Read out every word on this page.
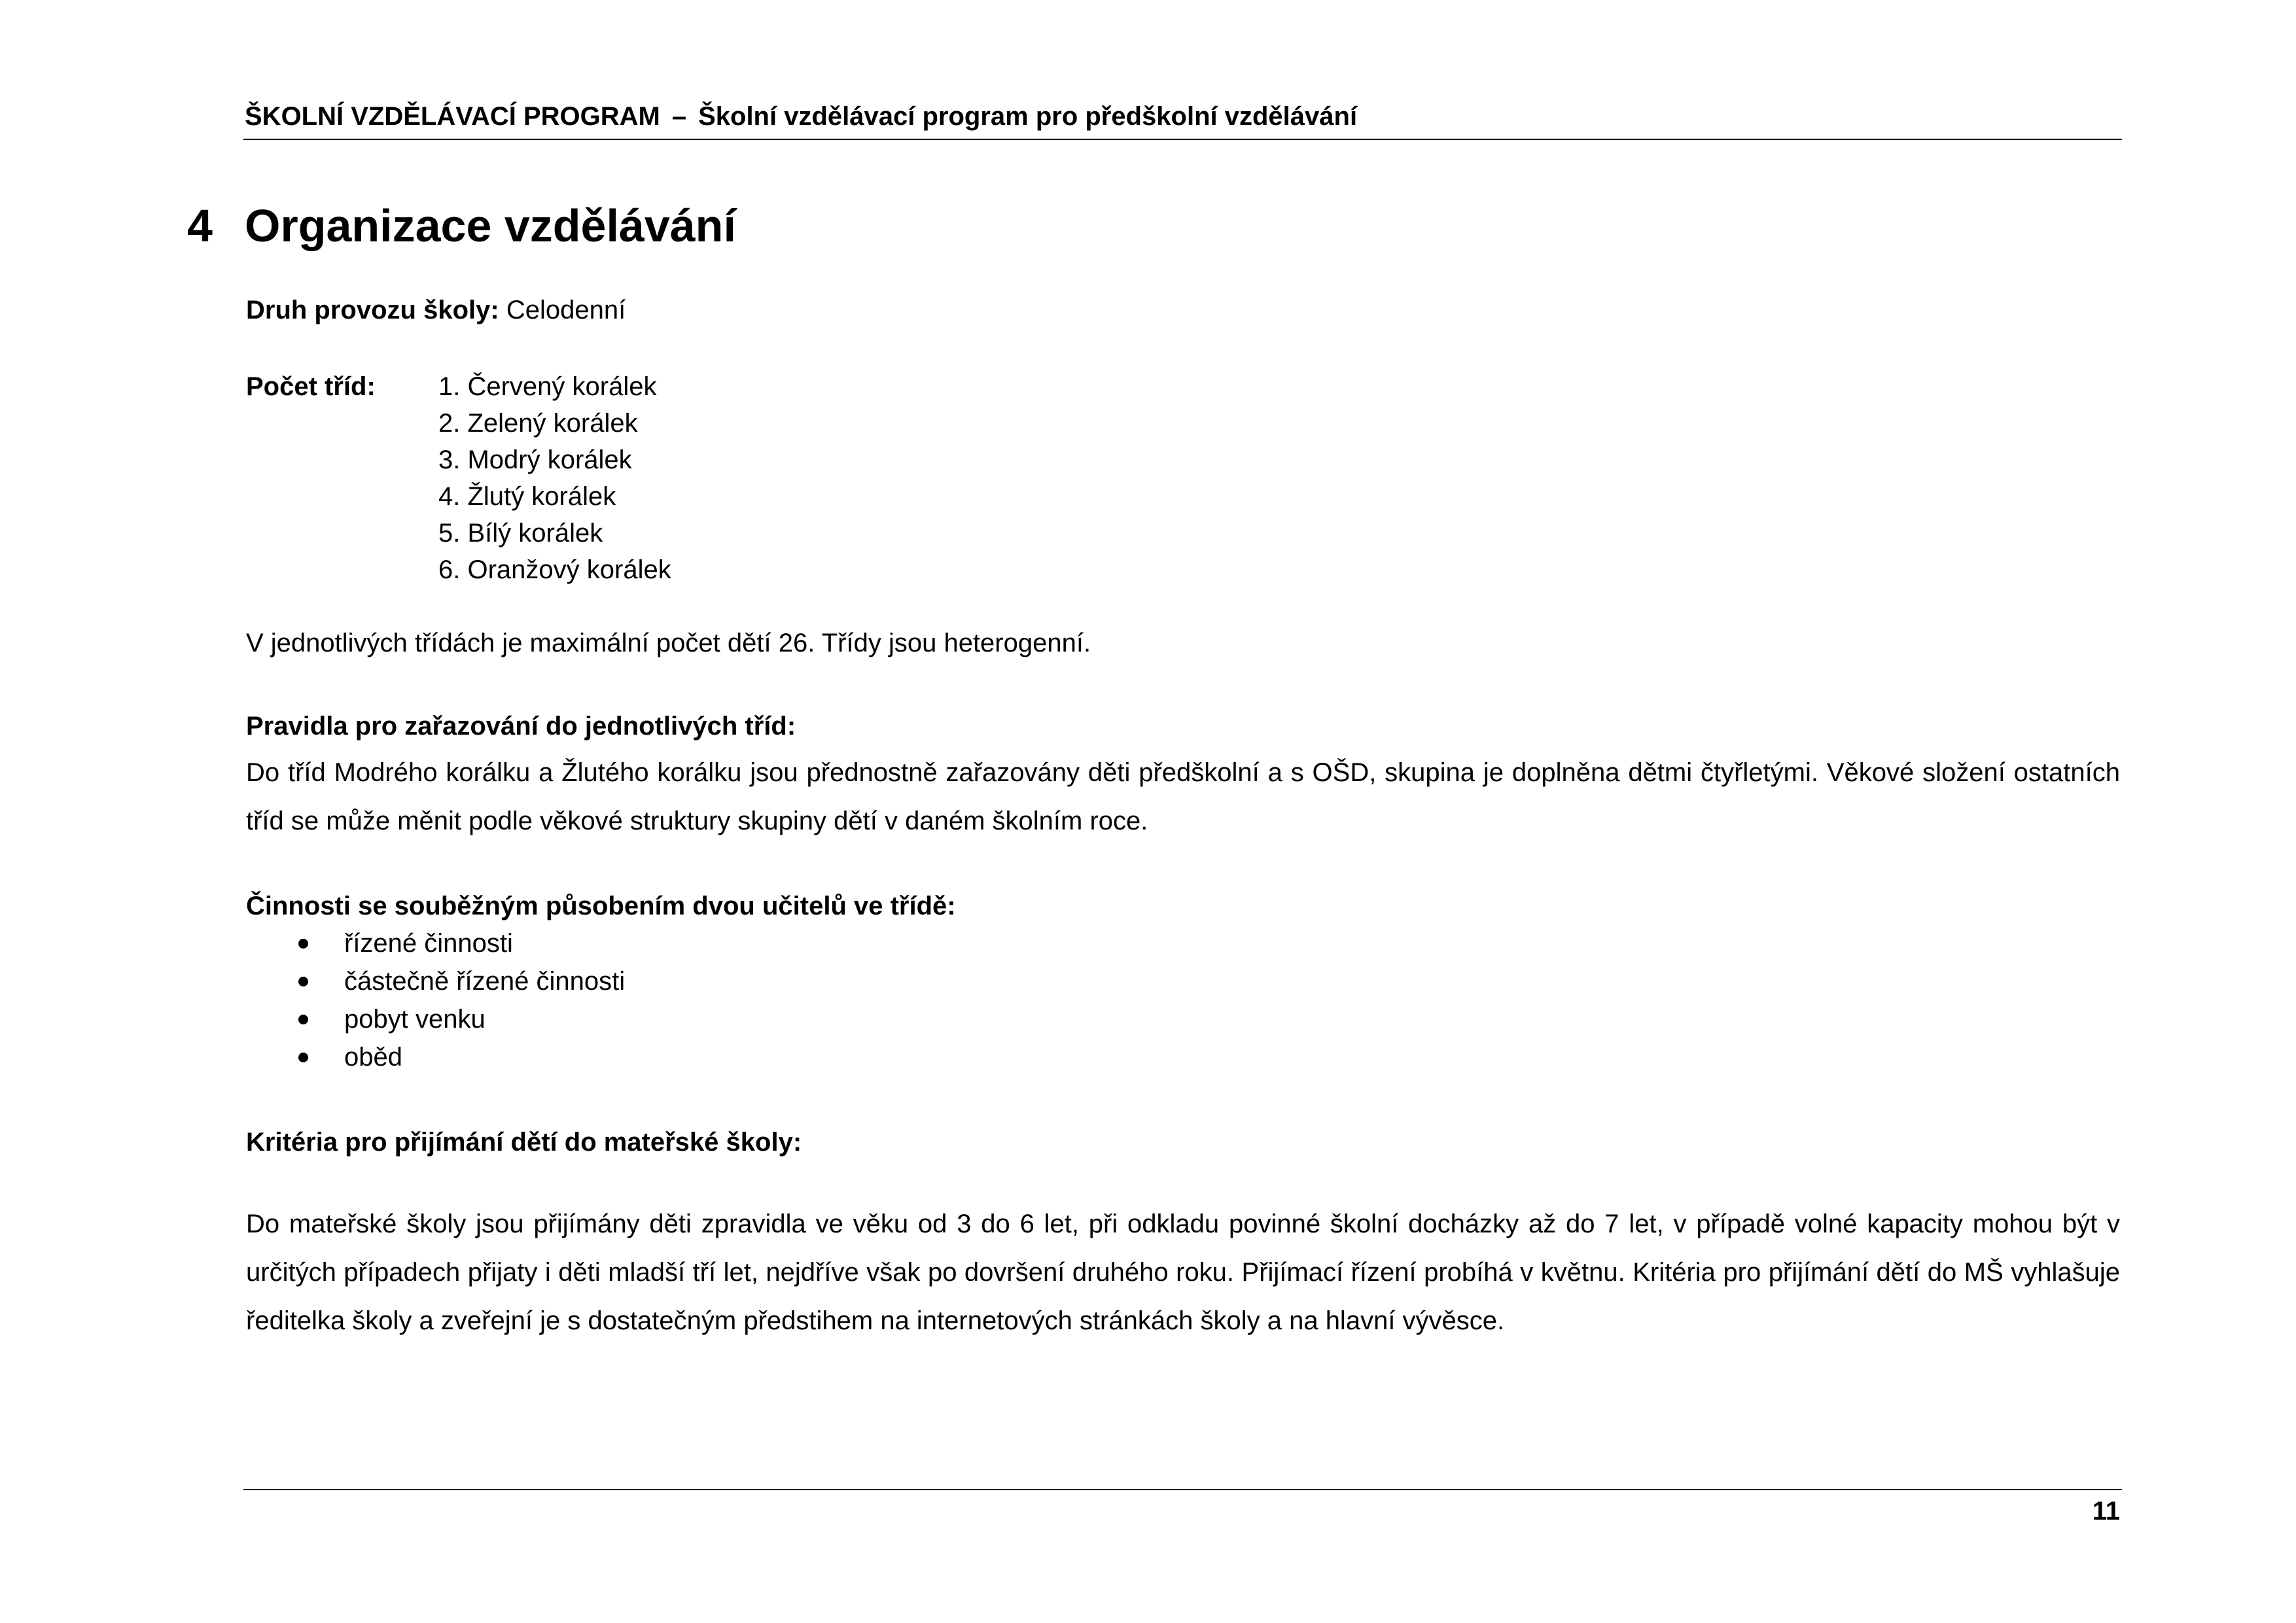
ŠKOLNÍ VZDĚLÁVACÍ PROGRAM – Školní vzdělávací program pro předškolní vzdělávání
4 Organizace vzdělávání
Druh provozu školy: Celodenní
Počet tříd: 1. Červený korálek
2. Zelený korálek
3. Modrý korálek
4. Žlutý korálek
5. Bílý korálek
6. Oranžový korálek
V jednotlivých třídách je maximální počet dětí 26. Třídy jsou heterogenní.
Pravidla pro zařazování do jednotlivých tříd:
Do tříd Modrého korálku a Žlutého korálku jsou přednostně zařazovány děti předškolní a s OŠD, skupina je doplněna dětmi čtyřletými. Věkové složení ostatních tříd se může měnit podle věkové struktury skupiny dětí v daném školním roce.
Činnosti se souběžným působením dvou učitelů ve třídě:
řízené činnosti
částečně řízené činnosti
pobyt venku
oběd
Kritéria pro přijímání dětí do mateřské školy:
Do mateřské školy jsou přijímány děti zpravidla ve věku od 3 do 6 let, při odkladu povinné školní docházky až do 7 let, v případě volné kapacity mohou být v určitých případech přijaty i děti mladší tří let, nejdříve však po dovršení druhého roku. Přijímací řízení probíhá v květnu. Kritéria pro přijímání dětí do MŠ vyhlašuje ředitelka školy a zveřejní je s dostatečným předstihem na internetových stránkách školy a na hlavní vývěsce.
11
